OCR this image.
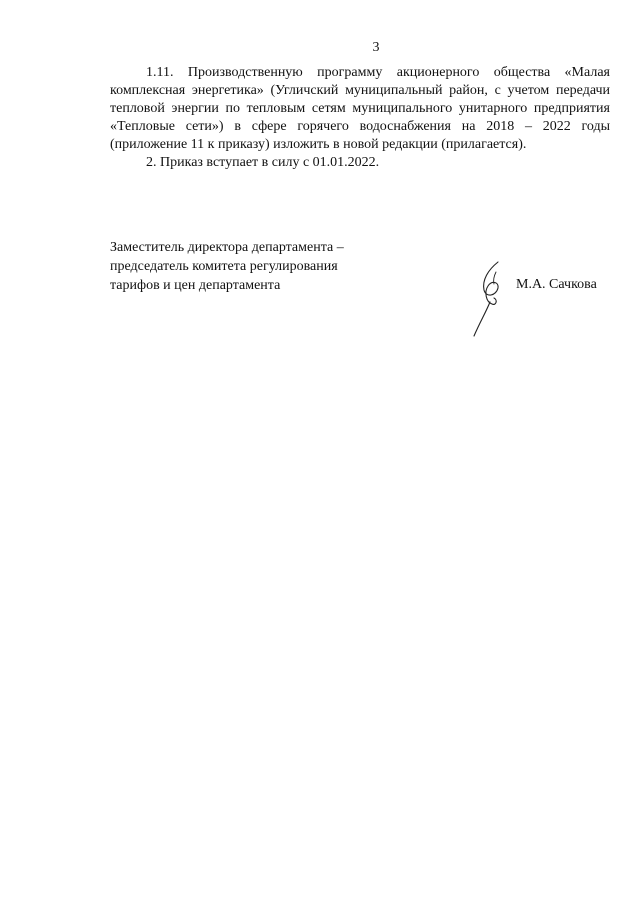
3

1.11. Производственную программу акционерного общества «Малая комплексная энергетика» (Угличский муниципальный район, с учетом передачи тепловой энергии по тепловым сетям муниципального унитарного предприятия «Тепловые сети») в сфере горячего водоснабжения на 2018 – 2022 годы (приложение 11 к приказу) изложить в новой редакции (прилагается).

2. Приказ вступает в силу с 01.01.2022.

Заместитель директора департамента –
председатель комитета регулирования
тарифов и цен департамента	М.А. Сачкова
